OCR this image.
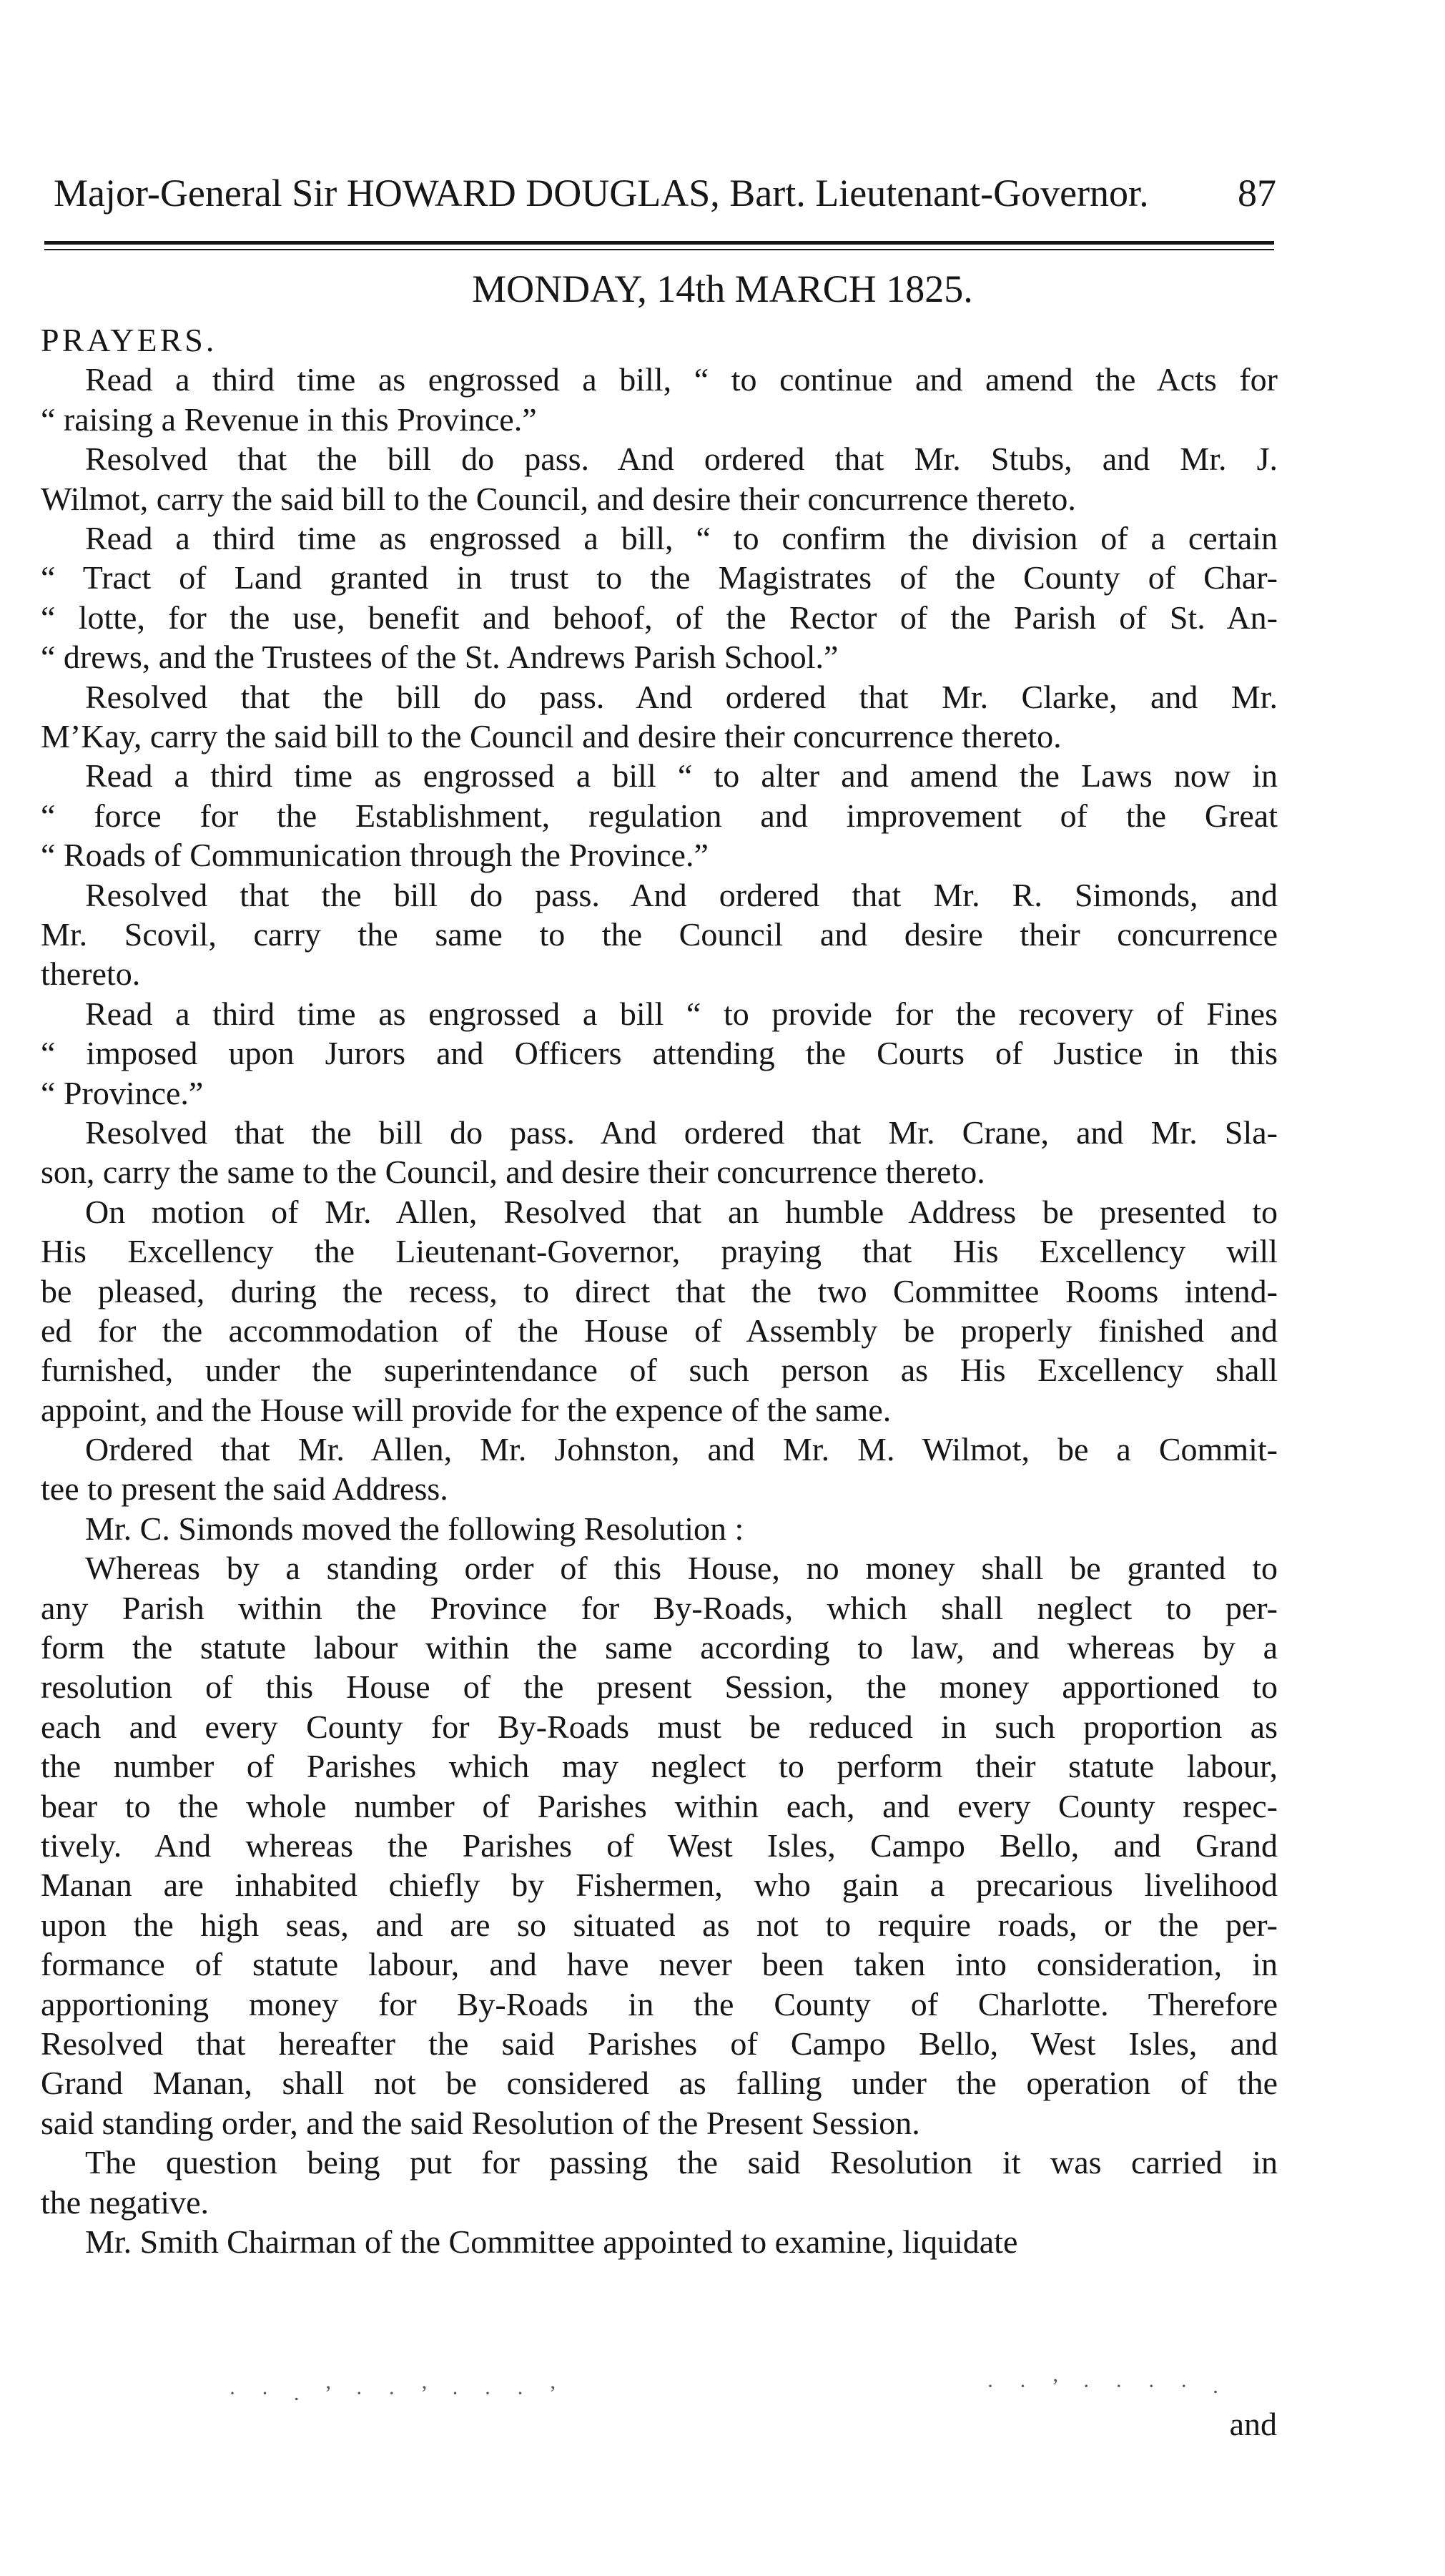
Major-General Sir HOWARD DOUGLAS, Bart. Lieutenant-Governor. 87
MONDAY, 14th MARCH 1825.
PRAYERS.
Read a third time as engrossed a bill, “ to continue and amend the Acts for
“ raising a Revenue in this Province.”
Resolved that the bill do pass. And ordered that Mr. Stubs, and Mr. J.
Wilmot, carry the said bill to the Council, and desire their concurrence thereto.
Read a third time as engrossed a bill, “ to confirm the division of a certain
“ Tract of Land granted in trust to the Magistrates of the County of Char-
“ lotte, for the use, benefit and behoof, of the Rector of the Parish of St. An-
“ drews, and the Trustees of the St. Andrews Parish School.”
Resolved that the bill do pass. And ordered that Mr. Clarke, and Mr.
M’Kay, carry the said bill to the Council and desire their concurrence thereto.
Read a third time as engrossed a bill “ to alter and amend the Laws now in
“ force for the Establishment, regulation and improvement of the Great
“ Roads of Communication through the Province.”
Resolved that the bill do pass. And ordered that Mr. R. Simonds, and
Mr. Scovil, carry the same to the Council and desire their concurrence
thereto.
Read a third time as engrossed a bill “ to provide for the recovery of Fines
“ imposed upon Jurors and Officers attending the Courts of Justice in this
“ Province.”
Resolved that the bill do pass. And ordered that Mr. Crane, and Mr. Sla-
son, carry the same to the Council, and desire their concurrence thereto.
On motion of Mr. Allen, Resolved that an humble Address be presented to
His Excellency the Lieutenant-Governor, praying that His Excellency will
be pleased, during the recess, to direct that the two Committee Rooms intend-
ed for the accommodation of the House of Assembly be properly finished and
furnished, under the superintendance of such person as His Excellency shall
appoint, and the House will provide for the expence of the same.
Ordered that Mr. Allen, Mr. Johnston, and Mr. M. Wilmot, be a Commit-
tee to present the said Address.
Mr. C. Simonds moved the following Resolution :
Whereas by a standing order of this House, no money shall be granted to
any Parish within the Province for By-Roads, which shall neglect to per-
form the statute labour within the same according to law, and whereas by a
resolution of this House of the present Session, the money apportioned to
each and every County for By-Roads must be reduced in such proportion as
the number of Parishes which may neglect to perform their statute labour,
bear to the whole number of Parishes within each, and every County respec-
tively. And whereas the Parishes of West Isles, Campo Bello, and Grand
Manan are inhabited chiefly by Fishermen, who gain a precarious livelihood
upon the high seas, and are so situated as not to require roads, or the per-
formance of statute labour, and have never been taken into consideration, in
apportioning money for By-Roads in the County of Charlotte. Therefore
Resolved that hereafter the said Parishes of Campo Bello, West Isles, and
Grand Manan, shall not be considered as falling under the operation of the
said standing order, and the said Resolution of the Present Session.
The question being put for passing the said Resolution it was carried in
the negative.
Mr. Smith Chairman of the Committee appointed to examine, liquidate
· · . ’ · · ’ · · · ’	· · ’ · · · · .
and
